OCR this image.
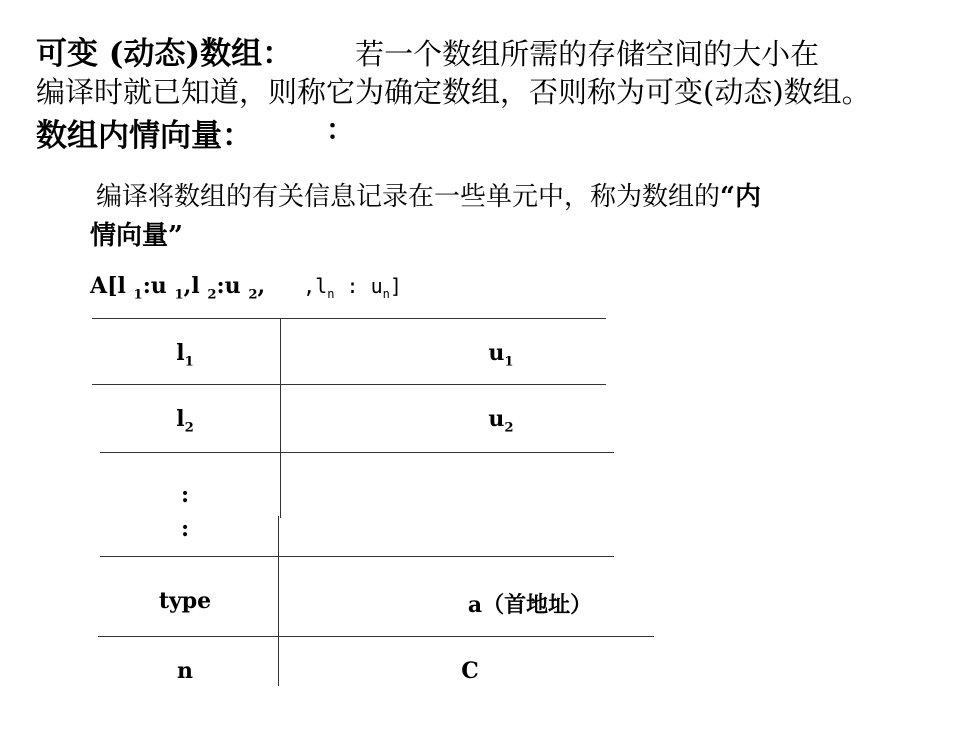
可变 (动态)数组： 若一个数组所需的存储空间的大小在
编译时就已知道，则称它为确定数组，否则称为可变(动态)数组。
数组内情向量：	：
编译将数组的有关信息记录在一些单元中，称为数组的“内
情向量”
A[l $_1$:u $_1$,l $_2$:u $_2$, $,l_n$ : $u_n$]
$l_1$	$u_1$
$l_2$	$u_2$
:
:
type	a（首地址）
n	C
